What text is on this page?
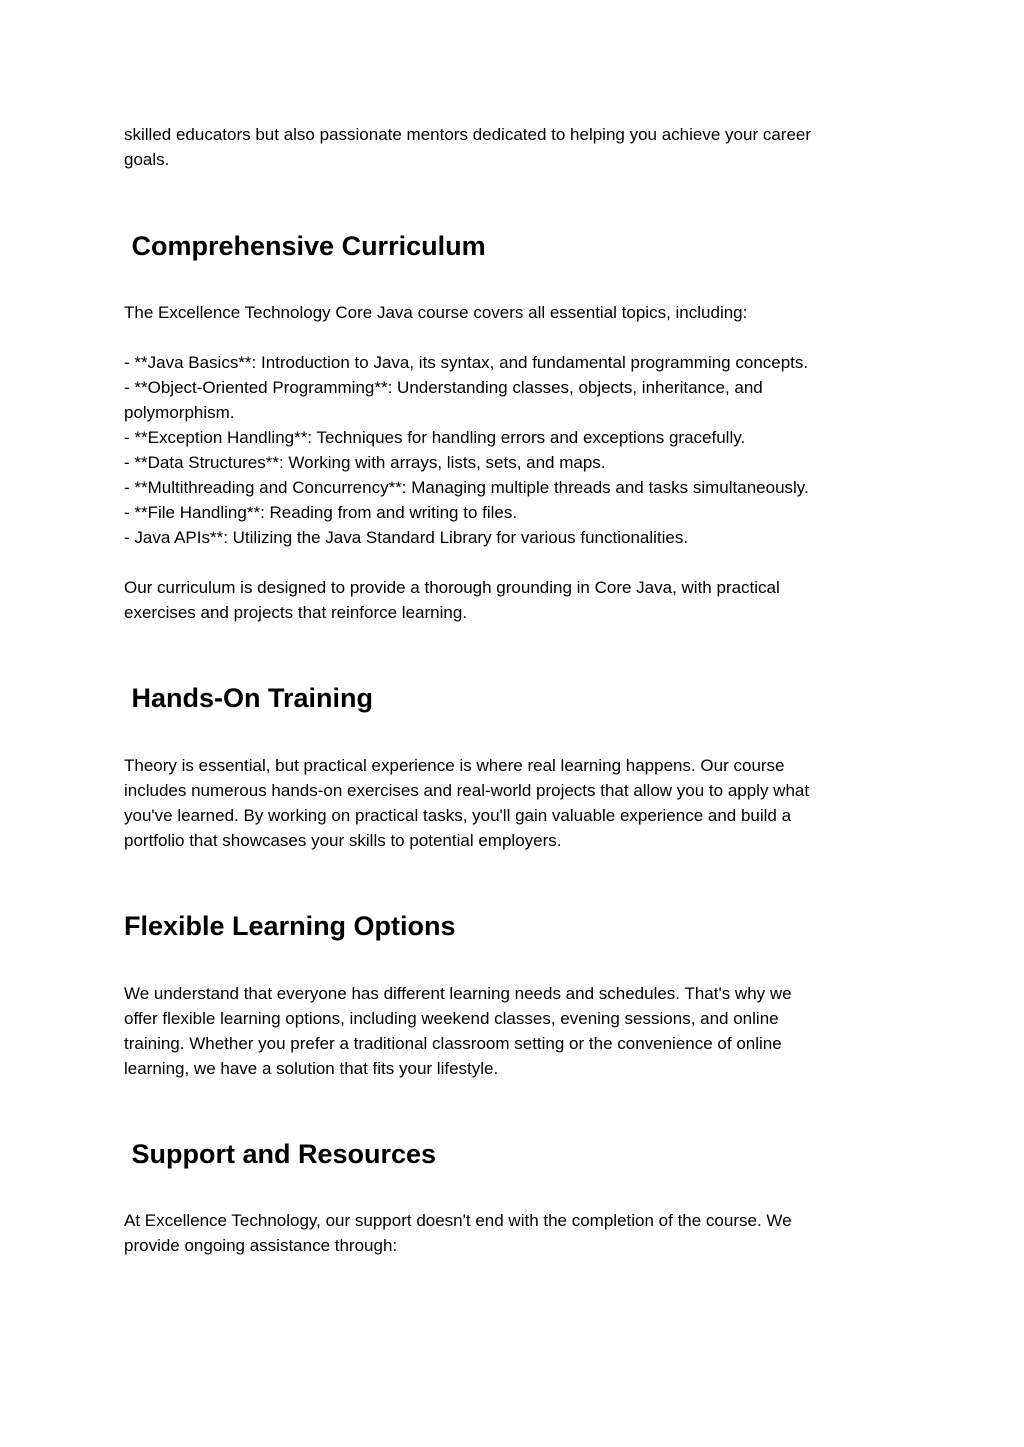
skilled educators but also passionate mentors dedicated to helping you achieve your career
goals.
Comprehensive Curriculum
The Excellence Technology Core Java course covers all essential topics, including:
- **Java Basics**: Introduction to Java, its syntax, and fundamental programming concepts.
- **Object-Oriented Programming**: Understanding classes, objects, inheritance, and
polymorphism.
- **Exception Handling**: Techniques for handling errors and exceptions gracefully.
- **Data Structures**: Working with arrays, lists, sets, and maps.
- **Multithreading and Concurrency**: Managing multiple threads and tasks simultaneously.
- **File Handling**: Reading from and writing to files.
- Java APIs**: Utilizing the Java Standard Library for various functionalities.
Our curriculum is designed to provide a thorough grounding in Core Java, with practical
exercises and projects that reinforce learning.
Hands-On Training
Theory is essential, but practical experience is where real learning happens. Our course
includes numerous hands-on exercises and real-world projects that allow you to apply what
you've learned. By working on practical tasks, you'll gain valuable experience and build a
portfolio that showcases your skills to potential employers.
Flexible Learning Options
We understand that everyone has different learning needs and schedules. That's why we
offer flexible learning options, including weekend classes, evening sessions, and online
training. Whether you prefer a traditional classroom setting or the convenience of online
learning, we have a solution that fits your lifestyle.
Support and Resources
At Excellence Technology, our support doesn't end with the completion of the course. We
provide ongoing assistance through:
